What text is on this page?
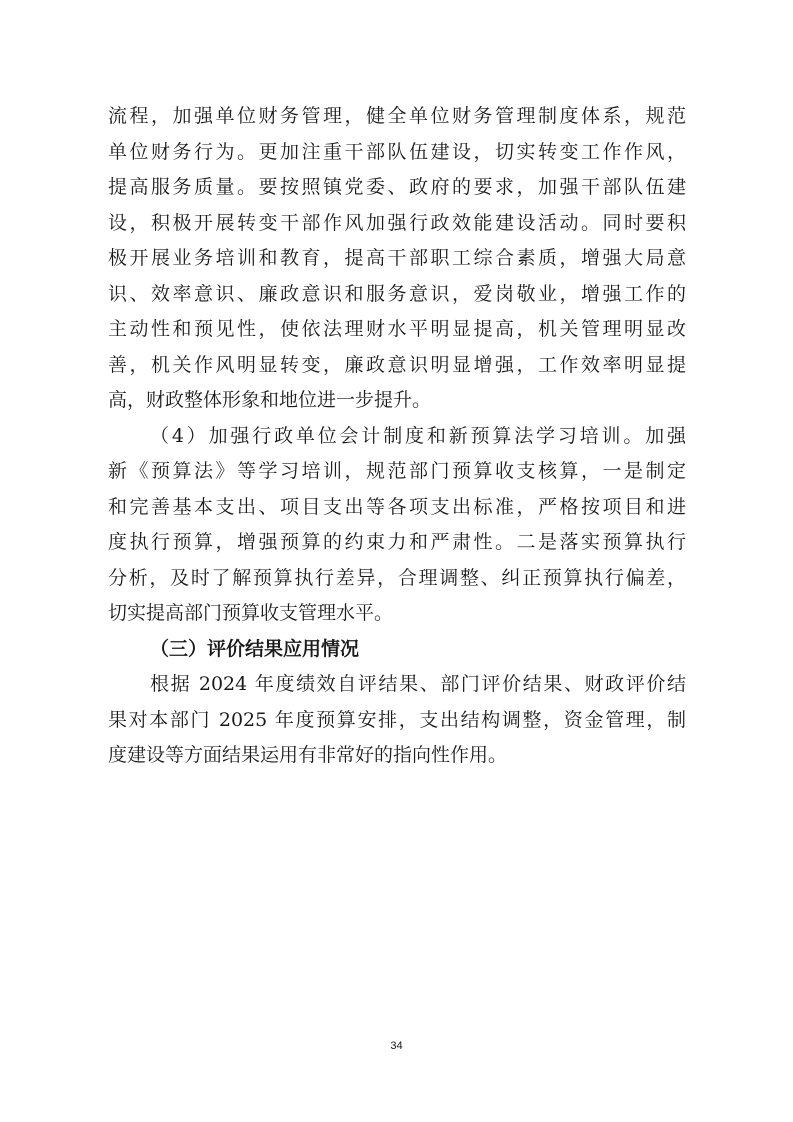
流程，加强单位财务管理，健全单位财务管理制度体系，规范
单位财务行为。更加注重干部队伍建设，切实转变工作作风，
提高服务质量。要按照镇党委、政府的要求，加强干部队伍建
设，积极开展转变干部作风加强行政效能建设活动。同时要积
极开展业务培训和教育，提高干部职工综合素质，增强大局意
识、效率意识、廉政意识和服务意识，爱岗敬业，增强工作的
主动性和预见性，使依法理财水平明显提高，机关管理明显改
善，机关作风明显转变，廉政意识明显增强，工作效率明显提
高，财政整体形象和地位进一步提升。
（4）加强行政单位会计制度和新预算法学习培训。加强
新《预算法》等学习培训，规范部门预算收支核算，一是制定
和完善基本支出、项目支出等各项支出标准，严格按项目和进
度执行预算，增强预算的约束力和严肃性。二是落实预算执行
分析，及时了解预算执行差异，合理调整、纠正预算执行偏差，
切实提高部门预算收支管理水平。
（三）评价结果应用情况
根据 2024 年度绩效自评结果、部门评价结果、财政评价结
果对本部门 2025 年度预算安排，支出结构调整，资金管理，制
度建设等方面结果运用有非常好的指向性作用。
34
